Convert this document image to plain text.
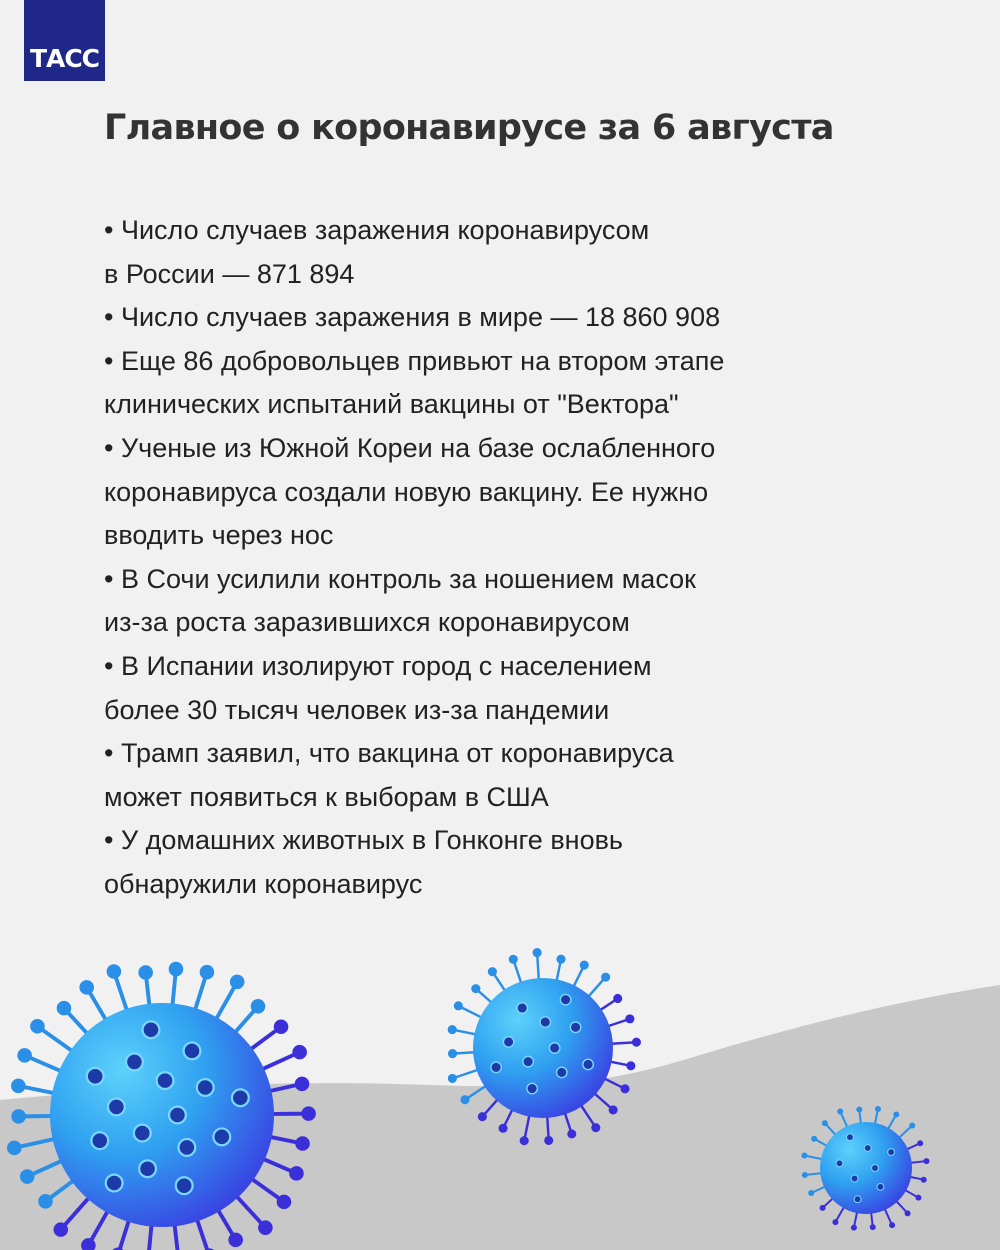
ТАСС
Главное о коронавирусе за 6 августа
• Число случаев заражения коронавирусом
в России — 871 894
• Число случаев заражения в мире — 18 860 908
• Еще 86 добровольцев привьют на втором этапе
клинических испытаний вакцины от "Вектора"
• Ученые из Южной Кореи на базе ослабленного
коронавируса создали новую вакцину. Ее нужно
вводить через нос
• В Сочи усилили контроль за ношением масок
из-за роста заразившихся коронавирусом
• В Испании изолируют город с населением
более 30 тысяч человек из-за пандемии
• Трамп заявил, что вакцина от коронавируса
может появиться к выборам в США
• У домашних животных в Гонконге вновь
обнаружили коронавирус
